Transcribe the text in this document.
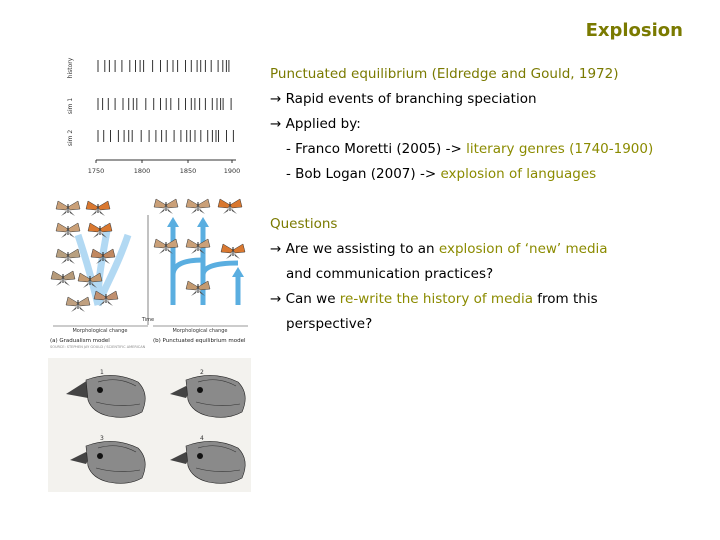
Explosion
Punctuated equilibrium (Eldredge and Gould, 1972)
→ Rapid events of branching speciation
→ Applied by:
- Franco Moretti (2005) -> literary genres (1740-1900)
- Bob Logan (2007) -> explosion of languages
Questions
→ Are we assisting to an explosion of ‘new’ media
and communication practices?
→ Can we re-write the history of media from this
perspective?
history
sim 1
sim 2
1750	1800	1850	1900
Time
Morphological change	Morphological change
(a) Gradualism model	(b) Punctuated equilibrium model
SOURCE: STEPHEN JAY GOULD / SCIENTIFIC AMERICAN
1	2
3	4
